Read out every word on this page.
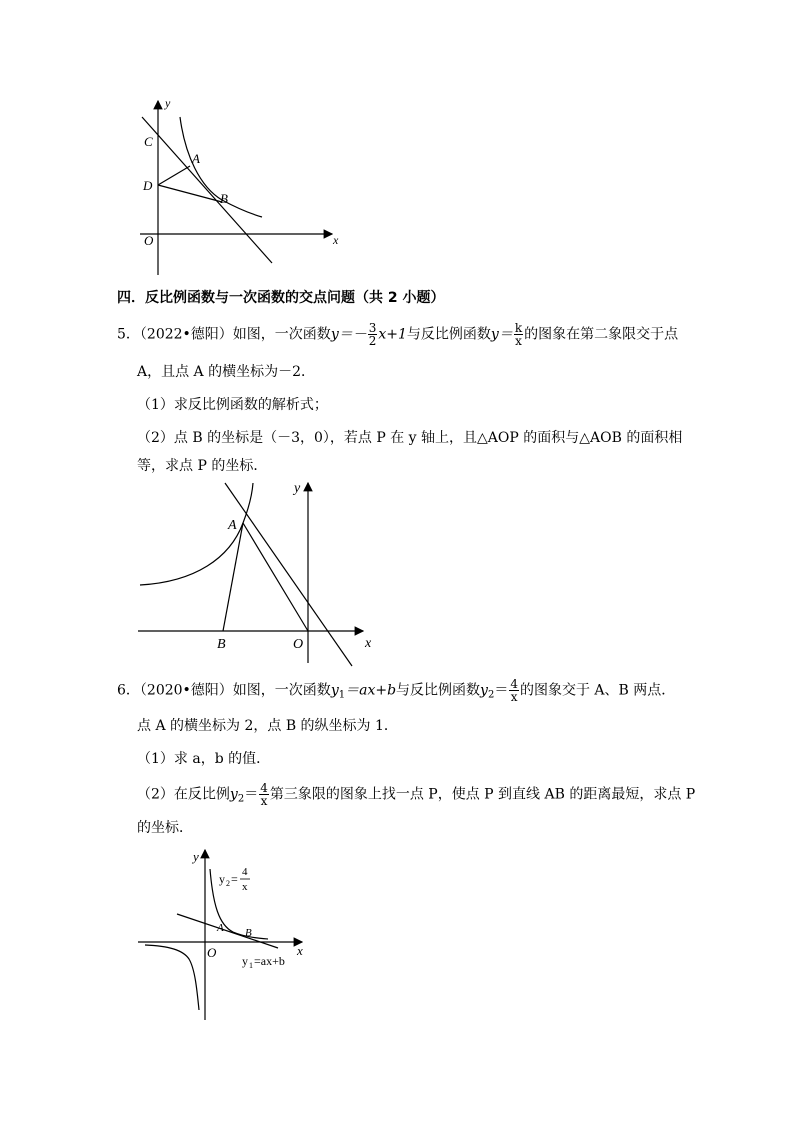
y
x
O
C
A
D
B
四．反比例函数与一次函数的交点问题（共 2 小题）
5．（2022•德阳）如图，一次函数$y=- \frac{3}{2} x+1$与反比例函数$y= \frac{k}{x}$ 的图象在第二象限交于点
A，且点 A 的横坐标为－2．
（1）求反比例函数的解析式；
（2）点 B 的坐标是（－3，0），若点 P 在 y 轴上，且△AOP 的面积与△AOB 的面积相
等，求点 P 的坐标．
y
x
A
B	O
6．（2020•德阳）如图，一次函数$y_1=ax+b$与反比例函数$y_2= \frac{4}{x}$ 的图象交于 A、B 两点．
点 A 的横坐标为 2，点 B 的纵坐标为 1．
（1）求 a，b 的值．
（2）在反比例$y_2= \frac{4}{x}$ 第三象限的图象上找一点 P，使点 P 到直线 AB 的距离最短，求点 P
的坐标．
y
x
O
A B
y 2 = 4
x
y 1 =ax+b
